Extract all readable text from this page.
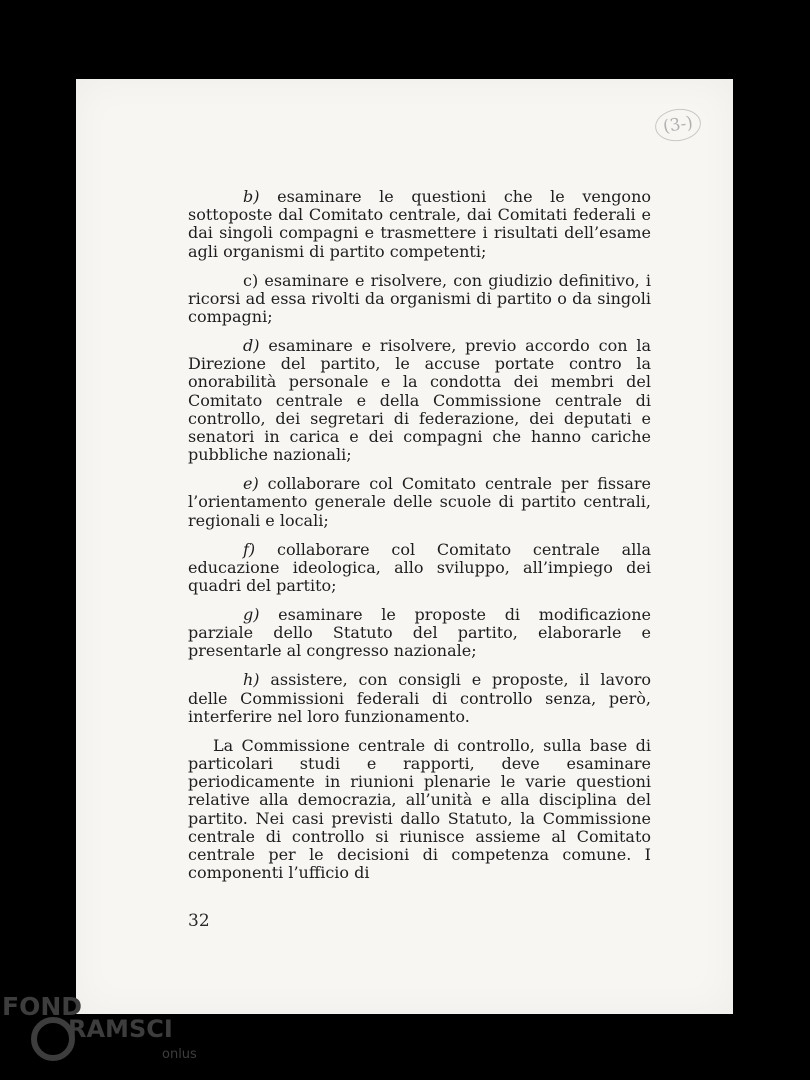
(3-)

b) esaminare le questioni che le vengono sottoposte dal Comitato centrale, dai Comitati federali e dai singoli compagni e trasmettere i risultati dell’esame agli organismi di partito competenti;

c) esaminare e risolvere, con giudizio definitivo, i ricorsi ad essa rivolti da organismi di partito o da singoli compagni;

d) esaminare e risolvere, previo accordo con la Direzione del partito, le accuse portate contro la onorabilità personale e la condotta dei membri del Comitato centrale e della Commissione centrale di controllo, dei segretari di federazione, dei deputati e senatori in carica e dei compagni che hanno cariche pubbliche nazionali;

e) collaborare col Comitato centrale per fissare l’orientamento generale delle scuole di partito centrali, regionali e locali;

f) collaborare col Comitato centrale alla educazione ideologica, allo sviluppo, all’impiego dei quadri del partito;

g) esaminare le proposte di modificazione parziale dello Statuto del partito, elaborarle e presentarle al congresso nazionale;

h) assistere, con consigli e proposte, il lavoro delle Commissioni federali di controllo senza, però, interferire nel loro funzionamento.

La Commissione centrale di controllo, sulla base di particolari studi e rapporti, deve esaminare periodicamente in riunioni plenarie le varie questioni relative alla democrazia, all’unità e alla disciplina del partito. Nei casi previsti dallo Statuto, la Commissione centrale di controllo si riunisce assieme al Comitato centrale per le decisioni di competenza comune. I componenti l’ufficio di

32
FOND
RAMSCI
onlus
